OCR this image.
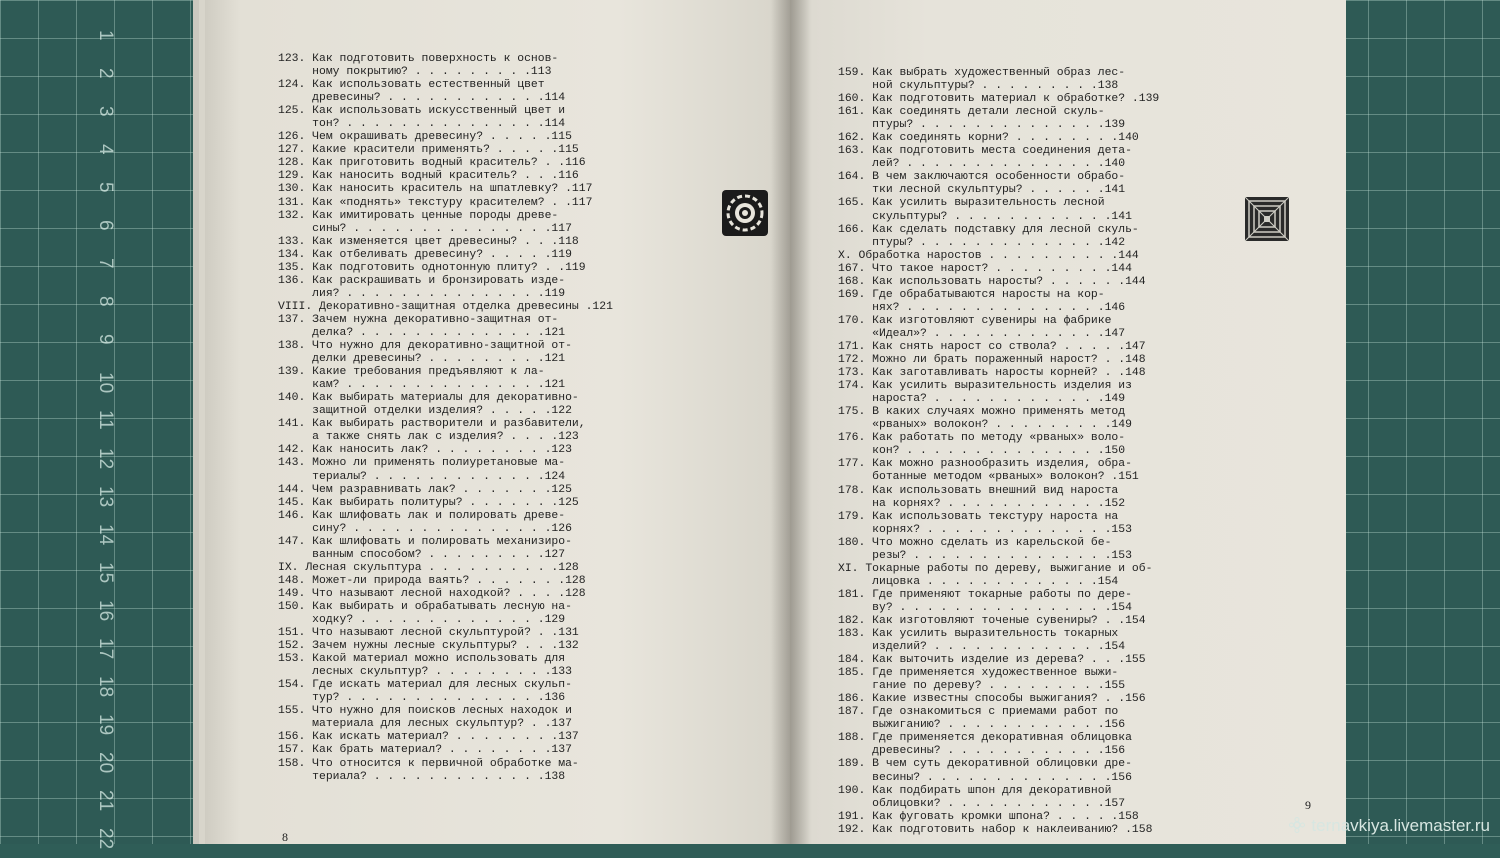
1
2
3
4
5
6
7
8
9
10
11
12
13
14
15
16
17
18
19
20
21
22
123. Как подготовить поверхность к основ-
ному покрытию? . . . . . . . . .113
124. Как использовать естественный цвет
древесины? . . . . . . . . . . . .114
125. Как использовать искусственный цвет и
тон? . . . . . . . . . . . . . . .114
126. Чем окрашивать древесину? . . . . .115
127. Какие красители применять? . . . . .115
128. Как приготовить водный краситель? . .116
129. Как наносить водный краситель? . . .116
130. Как наносить краситель на шпатлевку? .117
131. Как «поднять» текстуру красителем? . .117
132. Как имитировать ценные породы древе-
сины? . . . . . . . . . . . . . . .117
133. Как изменяется цвет древесины? . . .118
134. Как отбеливать древесину? . . . . .119
135. Как подготовить однотонную плиту? . .119
136. Как раскрашивать и бронзировать изде-
лия? . . . . . . . . . . . . . . .119
VIII. Декоративно-защитная отделка древесины .121
137. Зачем нужна декоративно-защитная от-
делка? . . . . . . . . . . . . . .121
138. Что нужно для декоративно-защитной от-
делки древесины? . . . . . . . . .121
139. Какие требования предъявляют к ла-
кам? . . . . . . . . . . . . . . .121
140. Как выбирать материалы для декоративно-
защитной отделки изделия? . . . . .122
141. Как выбирать растворители и разбавители,
а также снять лак с изделия? . . . .123
142. Как наносить лак? . . . . . . . . .123
143. Можно ли применять полиуретановые ма-
териалы? . . . . . . . . . . . . .124
144. Чем разравнивать лак? . . . . . . .125
145. Как выбирать политуры? . . . . . . .125
146. Как шлифовать лак и полировать древе-
сину? . . . . . . . . . . . . . . .126
147. Как шлифовать и полировать механизиро-
ванным способом? . . . . . . . . .127
IX. Лесная скульптура . . . . . . . . . .128
148. Может-ли природа ваять? . . . . . . .128
149. Что называют лесной находкой? . . . .128
150. Как выбирать и обрабатывать лесную на-
ходку? . . . . . . . . . . . . . .129
151. Что называют лесной скульптурой? . .131
152. Зачем нужны лесные скульптуры? . . .132
153. Какой материал можно использовать для
лесных скульптур? . . . . . . . . .133
154. Где искать материал для лесных скульп-
тур? . . . . . . . . . . . . . . .136
155. Что нужно для поисков лесных находок и
материала для лесных скульптур? . .137
156. Как искать материал? . . . . . . . .137
157. Как брать материал? . . . . . . . .137
158. Что относится к первичной обработке ма-
териала? . . . . . . . . . . . . .138
159. Как выбрать художественный образ лес-
ной скульптуры? . . . . . . . . .138
160. Как подготовить материал к обработке? .139
161. Как соединять детали лесной скуль-
птуры? . . . . . . . . . . . . . .139
162. Как соединять корни? . . . . . . . .140
163. Как подготовить места соединения дета-
лей? . . . . . . . . . . . . . . .140
164. В чем заключаются особенности обрабо-
тки лесной скульптуры? . . . . . .141
165. Как усилить выразительность лесной
скульптуры? . . . . . . . . . . . .141
166. Как сделать подставку для лесной скуль-
птуры? . . . . . . . . . . . . . .142
X. Обработка наростов . . . . . . . . . .144
167. Что такое нарост? . . . . . . . . .144
168. Как использовать наросты? . . . . . .144
169. Где обрабатываются наросты на кор-
нях? . . . . . . . . . . . . . . .146
170. Как изготовляют сувениры на фабрике
«Идеал»? . . . . . . . . . . . . .147
171. Как снять нарост со ствола? . . . . .147
172. Можно ли брать пораженный нарост? . .148
173. Как заготавливать наросты корней? . .148
174. Как усилить выразительность изделия из
нароста? . . . . . . . . . . . . .149
175. В каких случаях можно применять метод
«рваных» волокон? . . . . . . . . .149
176. Как работать по методу «рваных» воло-
кон? . . . . . . . . . . . . . . .150
177. Как можно разнообразить изделия, обра-
ботанные методом «рваных» волокон? .151
178. Как использовать внешний вид нароста
на корнях? . . . . . . . . . . . .152
179. Как использовать текстуру нароста на
корнях? . . . . . . . . . . . . . .153
180. Что можно сделать из карельской бе-
резы? . . . . . . . . . . . . . . .153
XI. Токарные работы по дереву, выжигание и об-
лицовка . . . . . . . . . . . . .154
181. Где применяют токарные работы по дере-
ву? . . . . . . . . . . . . . . . .154
182. Как изготовляют точеные сувениры? . .154
183. Как усилить выразительность токарных
изделий? . . . . . . . . . . . . .154
184. Как выточить изделие из дерева? . . .155
185. Где применяется художественное выжи-
гание по дереву? . . . . . . . . .155
186. Какие известны способы выжигания? . .156
187. Где ознакомиться с приемами работ по
выжиганию? . . . . . . . . . . . .156
188. Где применяется декоративная облицовка
древесины? . . . . . . . . . . . .156
189. В чем суть декоративной облицовки дре-
весины? . . . . . . . . . . . . . .156
190. Как подбирать шпон для декоративной
облицовки? . . . . . . . . . . . .157
191. Как фуговать кромки шпона? . . . . .158
192. Как подготовить набор к наклеиванию? .158
8
9
ternavkiya.livemaster.ru
